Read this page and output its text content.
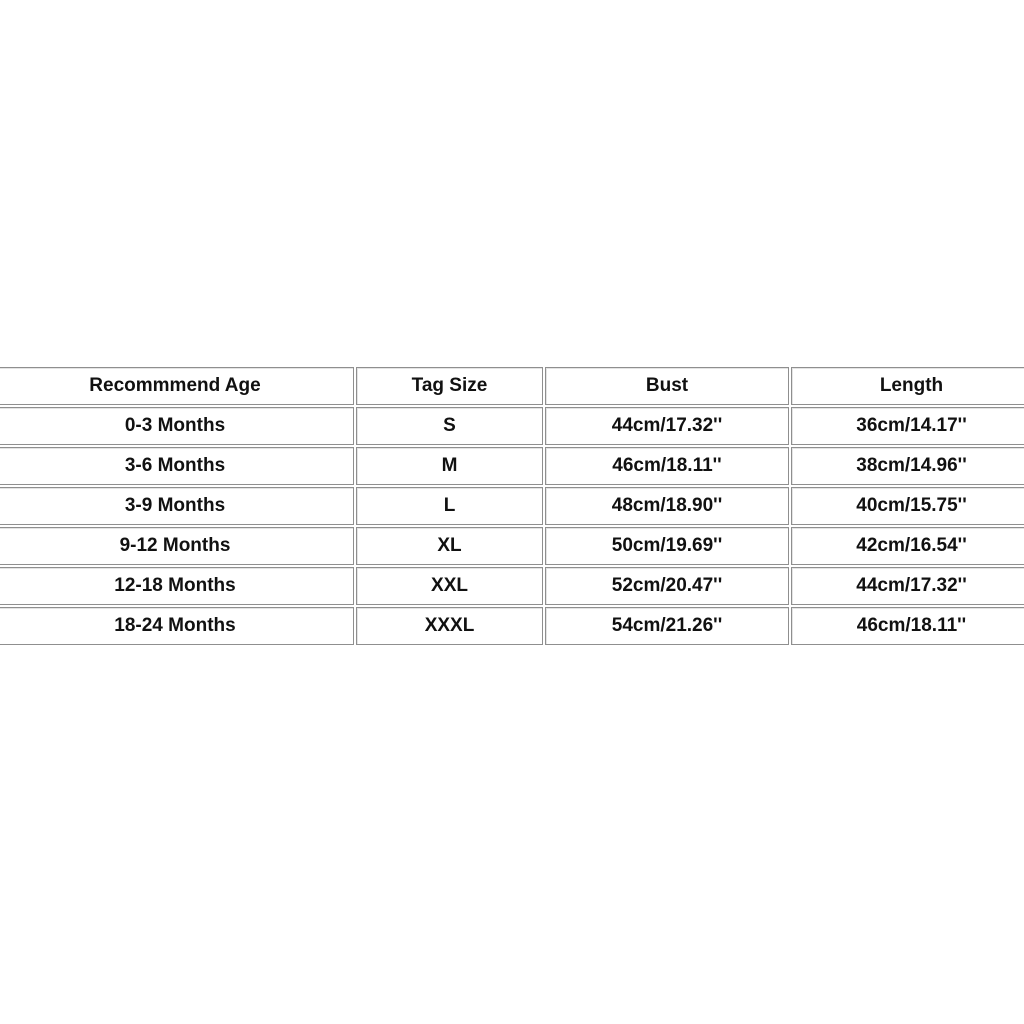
Recommmend Age	Tag Size	Bust	Length
0-3 Months	S	44cm/17.32''	36cm/14.17''
3-6 Months	M	46cm/18.11''	38cm/14.96''
3-9 Months	L	48cm/18.90''	40cm/15.75''
9-12 Months	XL	50cm/19.69''	42cm/16.54''
12-18 Months	XXL	52cm/20.47''	44cm/17.32''
18-24 Months	XXXL	54cm/21.26''	46cm/18.11''
